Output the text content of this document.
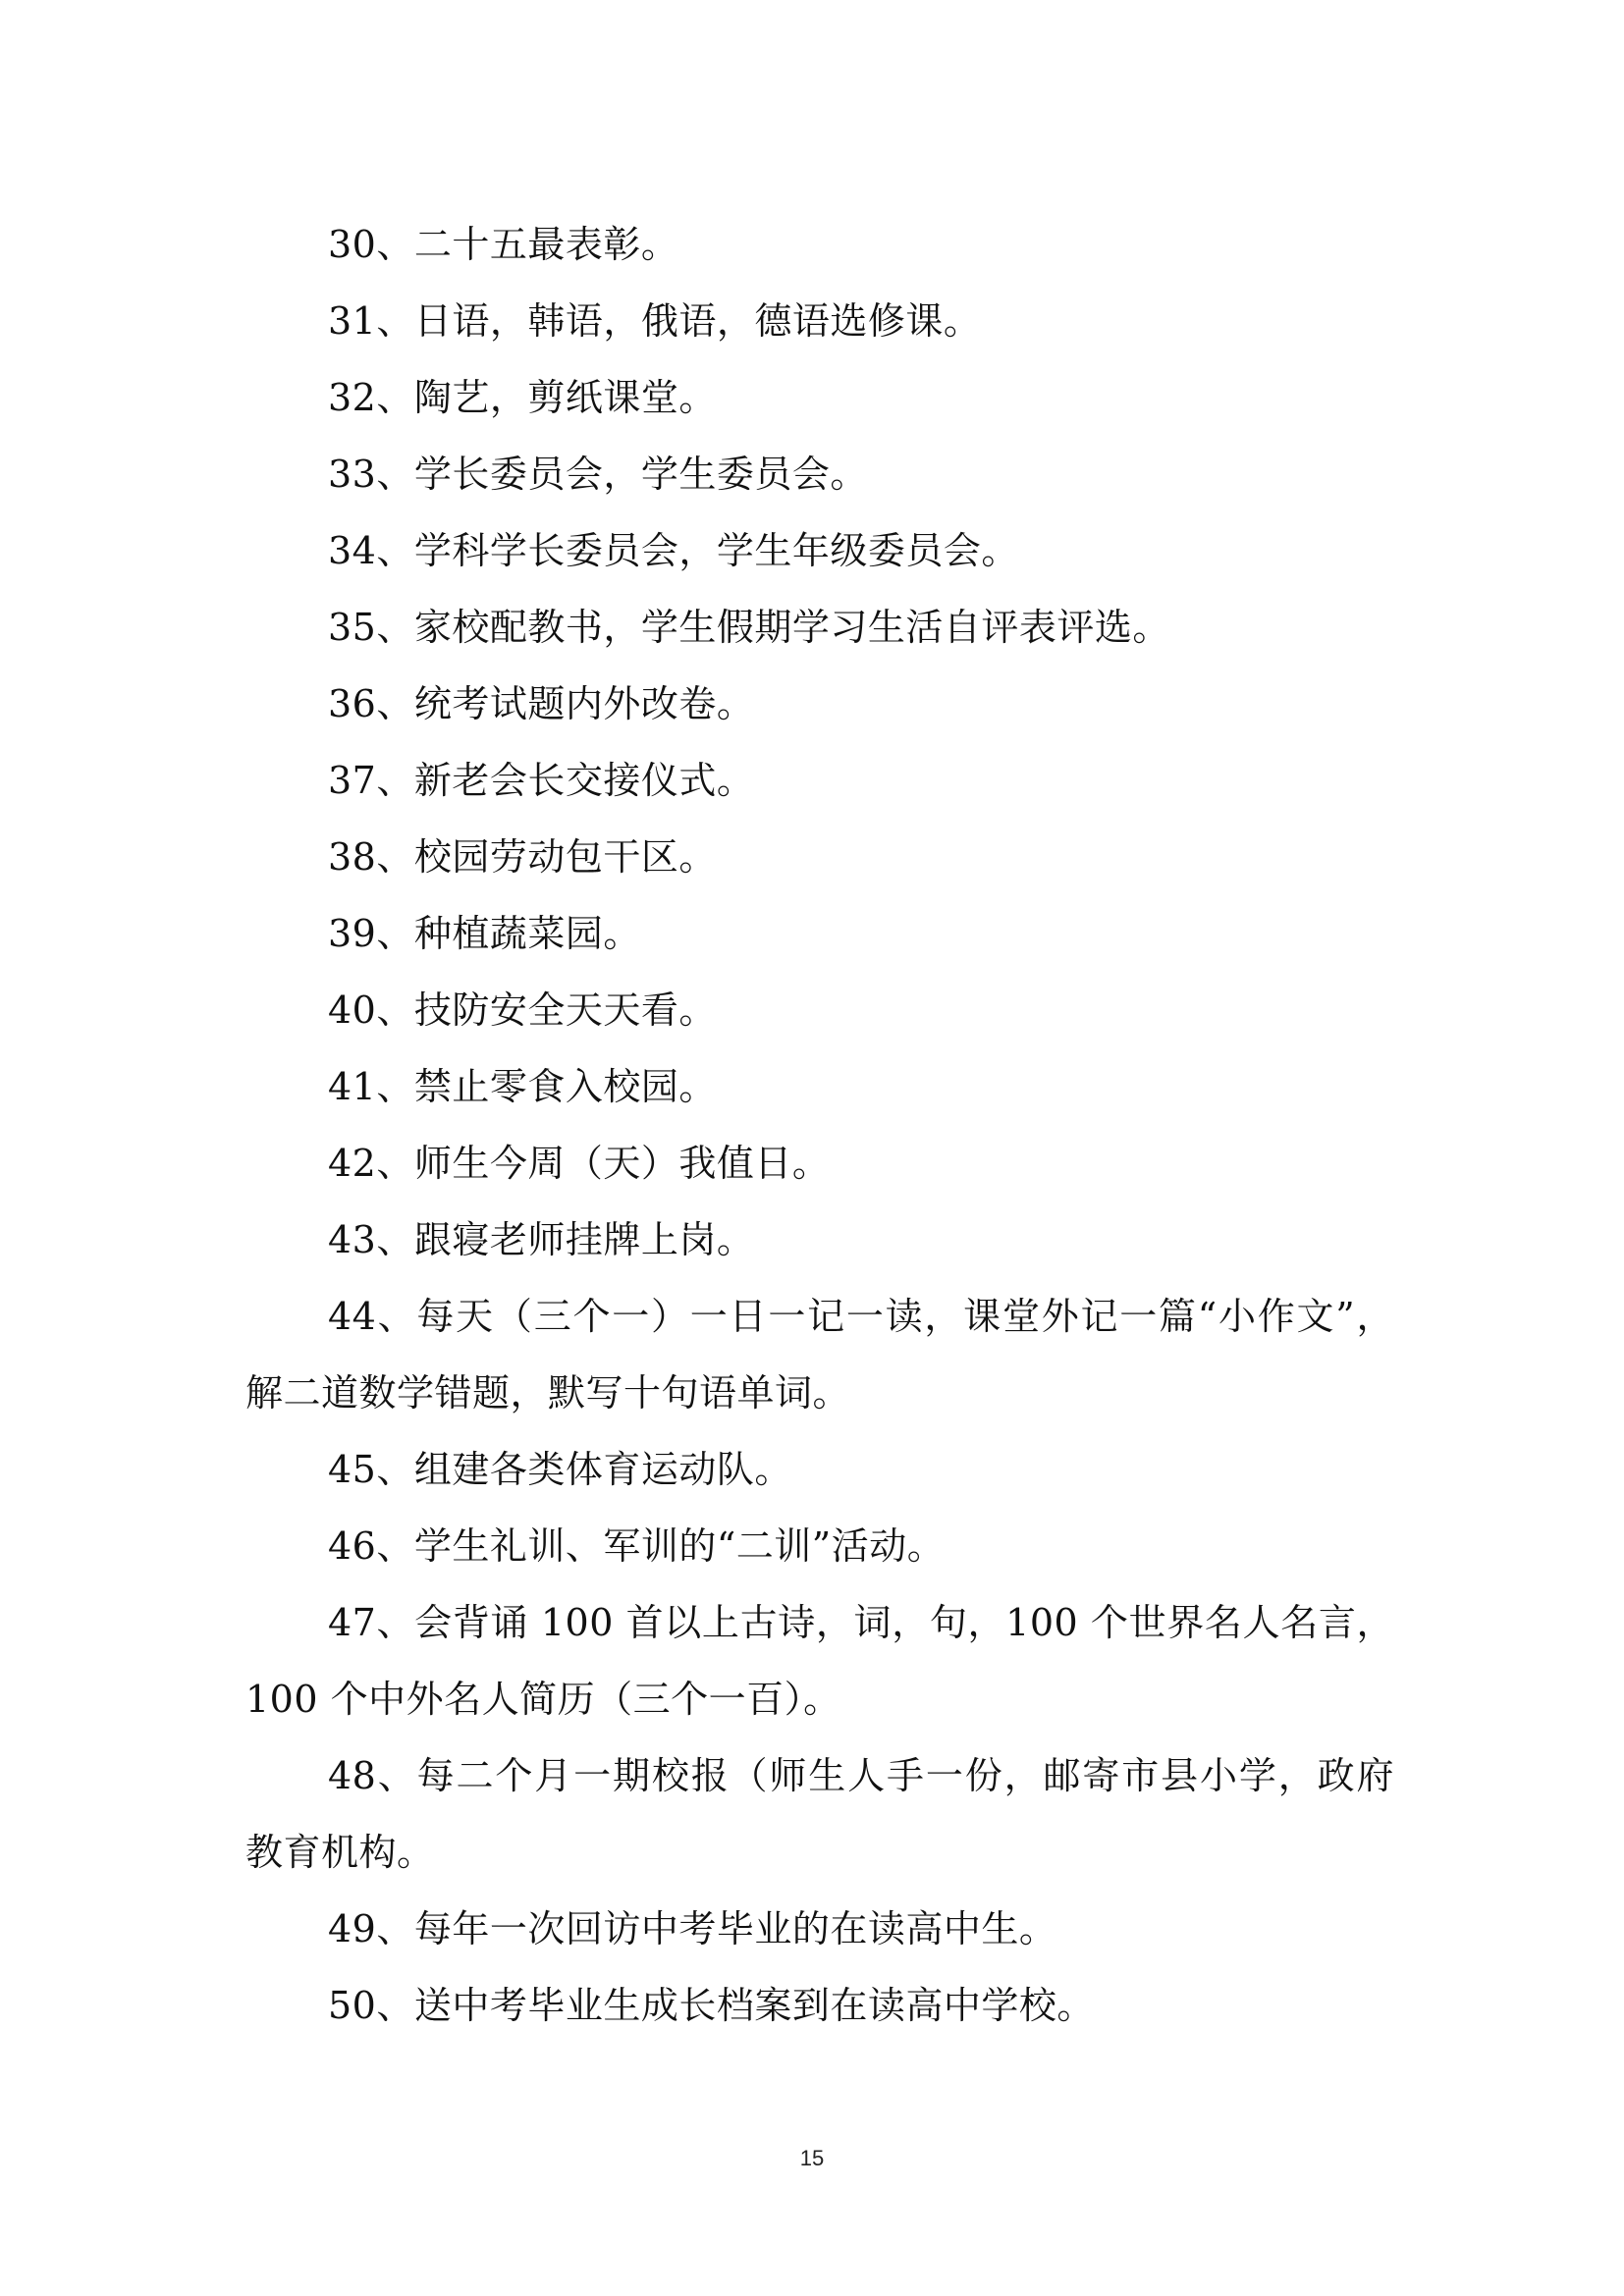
30、二十五最表彰。

31、日语，韩语，俄语，德语选修课。

32、陶艺，剪纸课堂。

33、学长委员会，学生委员会。

34、学科学长委员会，学生年级委员会。

35、家校配教书，学生假期学习生活自评表评选。

36、统考试题内外改卷。

37、新老会长交接仪式。

38、校园劳动包干区。

39、种植蔬菜园。

40、技防安全天天看。

41、禁止零食入校园。

42、师生今周（天）我值日。

43、跟寝老师挂牌上岗。

44、每天（三个一）一日一记一读，课堂外记一篇“小作文”，解二道数学错题，默写十句语单词。

45、组建各类体育运动队。

46、学生礼训、军训的“二训”活动。

47、会背诵 100 首以上古诗，词，句，100 个世界名人名言，100 个中外名人简历（三个一百）。

48、每二个月一期校报（师生人手一份，邮寄市县小学，政府教育机构。

49、每年一次回访中考毕业的在读高中生。

50、送中考毕业生成长档案到在读高中学校。

15
